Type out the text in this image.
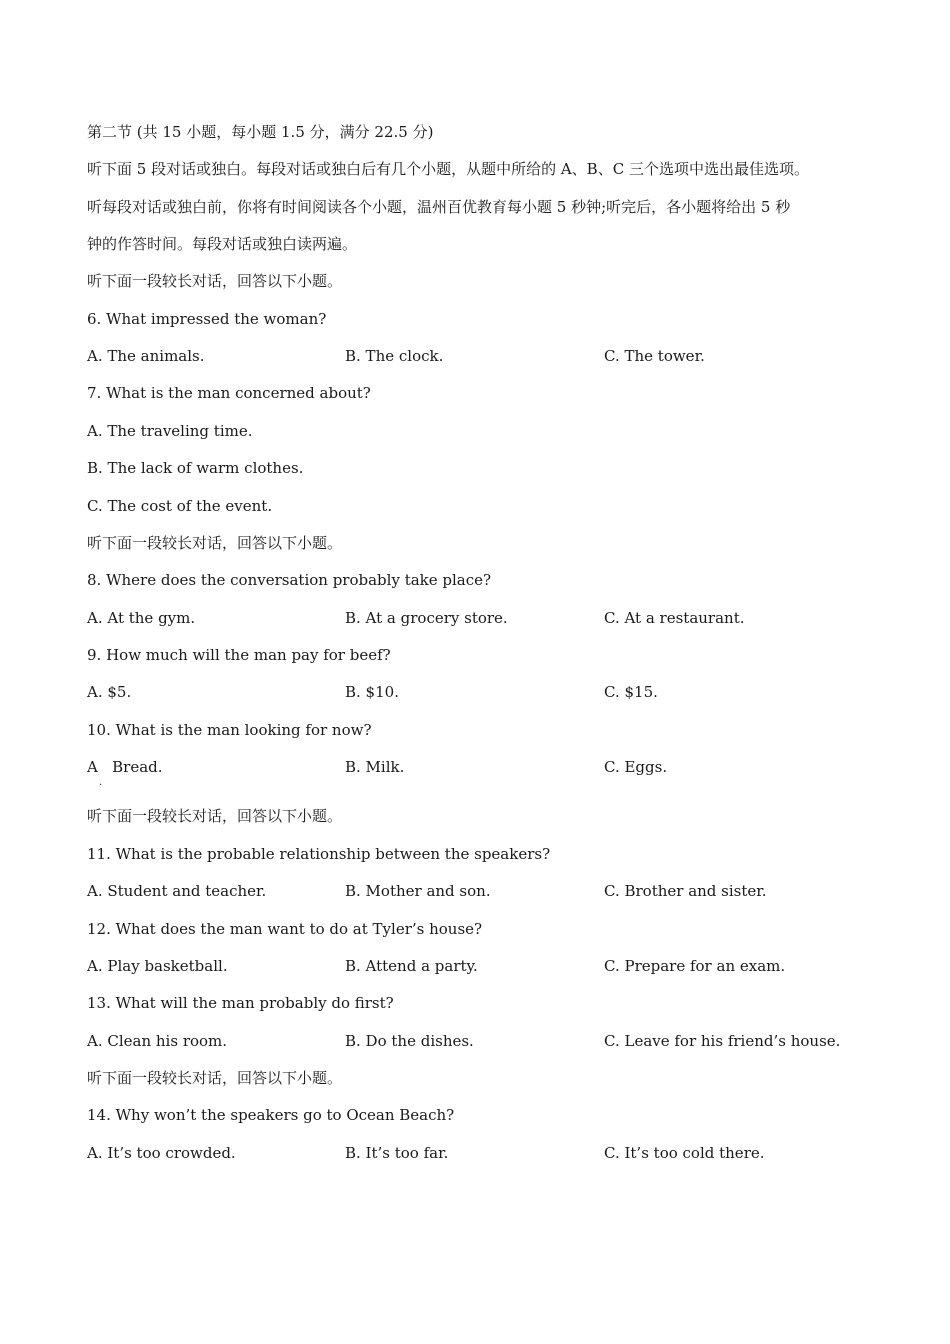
第二节 (共 15 小题，每小题 1.5 分，满分 22.5 分)
听下面 5 段对话或独白。每段对话或独白后有几个小题，从题中所给的 A、B、C 三个选项中选出最佳选项。
听每段对话或独白前，你将有时间阅读各个小题，温州百优教育每小题 5 秒钟;听完后，各小题将给出 5 秒
钟的作答时间。每段对话或独白读两遍。
听下面一段较长对话，回答以下小题。
6. What impressed the woman?
A. The animals.	B. The clock.	C. The tower.
7. What is the man concerned about?
A. The traveling time.
B. The lack of warm clothes.
C. The cost of the event.
听下面一段较长对话，回答以下小题。
8. Where does the conversation probably take place?
A. At the gym.	B. At a grocery store.	C. At a restaurant.
9. How much will the man pay for beef?
A. $5.	B. $10.	C. $15.
10. What is the man looking for now?
A   Bread.	B. Milk.	C. Eggs.
.
听下面一段较长对话，回答以下小题。
11. What is the probable relationship between the speakers?
A. Student and teacher.	B. Mother and son.	C. Brother and sister.
12. What does the man want to do at Tyler’s house?
A. Play basketball.	B. Attend a party.	C. Prepare for an exam.
13. What will the man probably do first?
A. Clean his room.	B. Do the dishes.	C. Leave for his friend’s house.
听下面一段较长对话，回答以下小题。
14. Why won’t the speakers go to Ocean Beach?
A. It’s too crowded.	B. It’s too far.	C. It’s too cold there.
